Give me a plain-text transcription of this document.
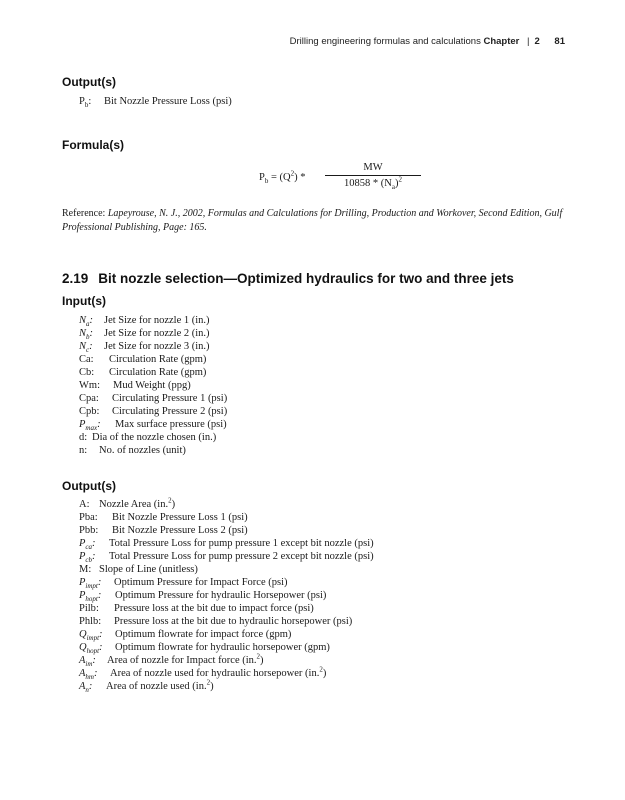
Drilling engineering formulas and calculations Chapter | 2 81
Output(s)
$P_b$: Bit Nozzle Pressure Loss (psi)
Formula(s)
$P_b = (Q^2)$ *
MW
$10858 * (N_a)^2$
Reference: Lapeyrouse, N. J., 2002, Formulas and Calculations for Drilling, Production and Workover, Second Edition, Gulf Professional Publishing, Page: 165.
2.19 Bit nozzle selection—Optimized hydraulics for two and three jets
Input(s)
$N_a$: Jet Size for nozzle 1 (in.)
$N_b$: Jet Size for nozzle 2 (in.)
$N_c$: Jet Size for nozzle 3 (in.)
Ca: Circulation Rate (gpm)
Cb: Circulation Rate (gpm)
Wm: Mud Weight (ppg)
Cpa: Circulating Pressure 1 (psi)
Cpb: Circulating Pressure 2 (psi)
$P_{max}$: Max surface pressure (psi)
d: Dia of the nozzle chosen (in.)
n: No. of nozzles (unit)
Output(s)
A: Nozzle Area (in.$^2$)
Pba: Bit Nozzle Pressure Loss 1 (psi)
Pbb: Bit Nozzle Pressure Loss 2 (psi)
$P_{ca}$: Total Pressure Loss for pump pressure 1 except bit nozzle (psi)
$P_{cb}$: Total Pressure Loss for pump pressure 2 except bit nozzle (psi)
M: Slope of Line (unitless)
$P_{impt}$: Optimum Pressure for Impact Force (psi)
$P_{hopt}$: Optimum Pressure for hydraulic Horsepower (psi)
Pilb: Pressure loss at the bit due to impact force (psi)
Phlb: Pressure loss at the bit due to hydraulic horsepower (psi)
$Q_{impt}$: Optimum flowrate for impact force (gpm)
$Q_{hopt}$: Optimum flowrate for hydraulic horsepower (gpm)
$A_{im}$: Area of nozzle for Impact force (in.$^2$)
$A_{hm}$: Area of nozzle used for hydraulic horsepower (in.$^2$)
$A_n$: Area of nozzle used (in.$^2$)
